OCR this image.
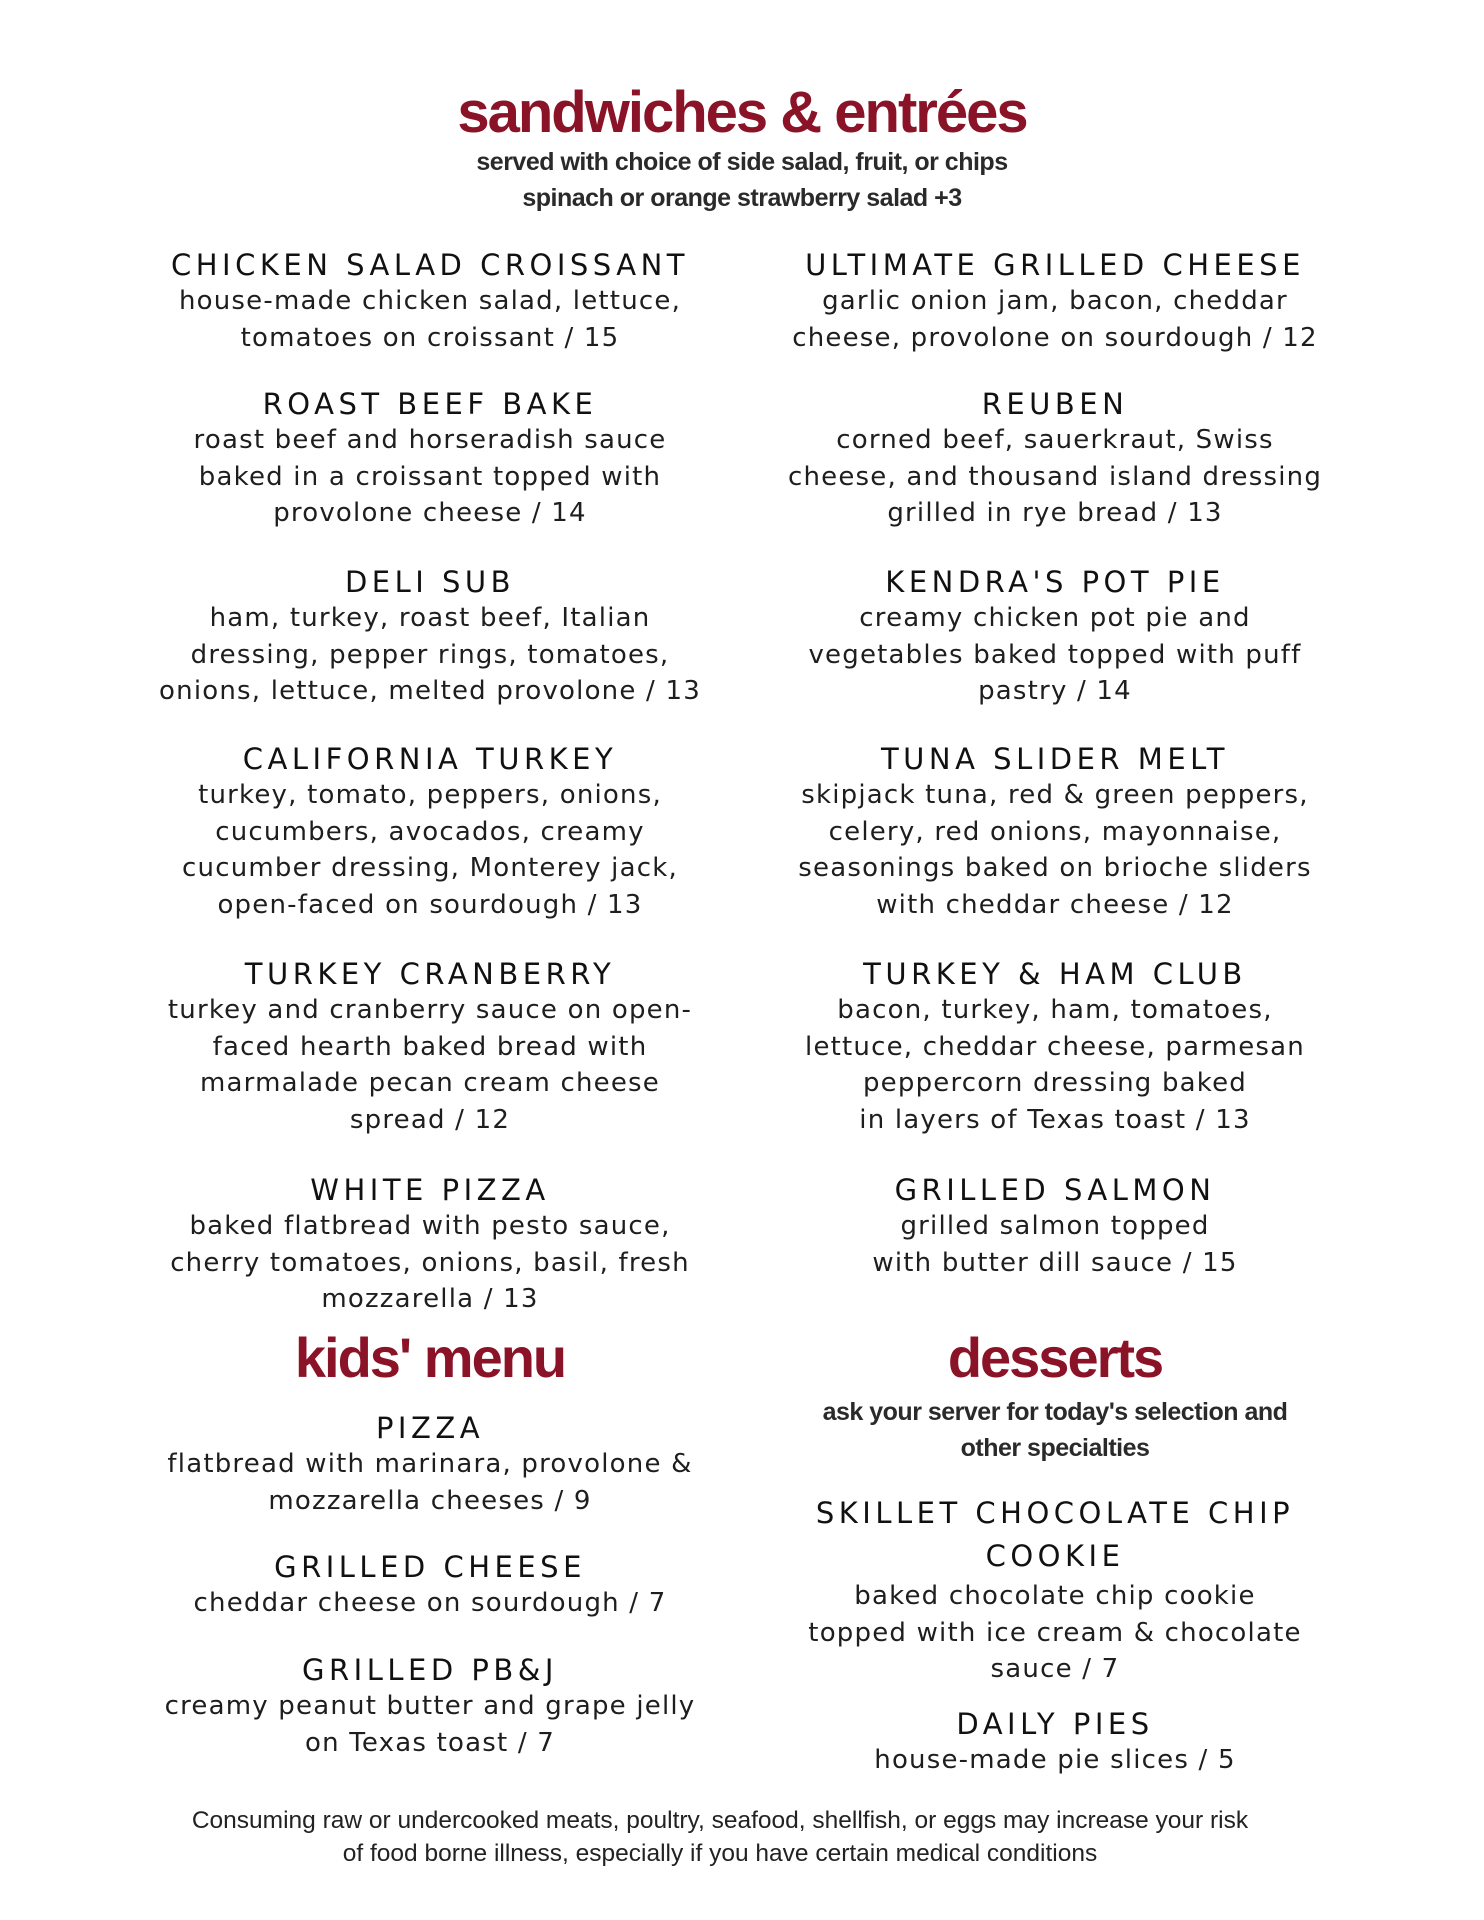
sandwiches & entrées
served with choice of side salad, fruit, or chips
spinach or orange strawberry salad +3
CHICKEN SALAD CROISSANT
house-made chicken salad, lettuce,
tomatoes on croissant / 15
ROAST BEEF BAKE
roast beef and horseradish sauce
baked in a croissant topped with
provolone cheese / 14
DELI SUB
ham, turkey, roast beef, Italian
dressing, pepper rings, tomatoes,
onions, lettuce, melted provolone / 13
CALIFORNIA TURKEY
turkey, tomato, peppers, onions,
cucumbers, avocados, creamy
cucumber dressing, Monterey jack,
open-faced on sourdough / 13
TURKEY CRANBERRY
turkey and cranberry sauce on open-
faced hearth baked bread with
marmalade pecan cream cheese
spread / 12
WHITE PIZZA
baked flatbread with pesto sauce,
cherry tomatoes, onions, basil, fresh
mozzarella / 13
ULTIMATE GRILLED CHEESE
garlic onion jam, bacon, cheddar
cheese, provolone on sourdough / 12
REUBEN
corned beef, sauerkraut, Swiss
cheese, and thousand island dressing
grilled in rye bread / 13
KENDRA'S POT PIE
creamy chicken pot pie and
vegetables baked topped with puff
pastry / 14
TUNA SLIDER MELT
skipjack tuna, red & green peppers,
celery, red onions, mayonnaise,
seasonings baked on brioche sliders
with cheddar cheese / 12
TURKEY & HAM CLUB
bacon, turkey, ham, tomatoes,
lettuce, cheddar cheese, parmesan
peppercorn dressing baked
in layers of Texas toast / 13
GRILLED SALMON
grilled salmon topped
with butter dill sauce / 15
kids' menu
PIZZA
flatbread with marinara, provolone &
mozzarella cheeses / 9
GRILLED CHEESE
cheddar cheese on sourdough / 7
GRILLED PB&J
creamy peanut butter and grape jelly
on Texas toast / 7
desserts
ask your server for today's selection and
other specialties
SKILLET CHOCOLATE CHIP
COOKIE
baked chocolate chip cookie
topped with ice cream & chocolate
sauce / 7
DAILY PIES
house-made pie slices / 5
Consuming raw or undercooked meats, poultry, seafood, shellfish, or eggs may increase your risk
of food borne illness, especially if you have certain medical conditions
